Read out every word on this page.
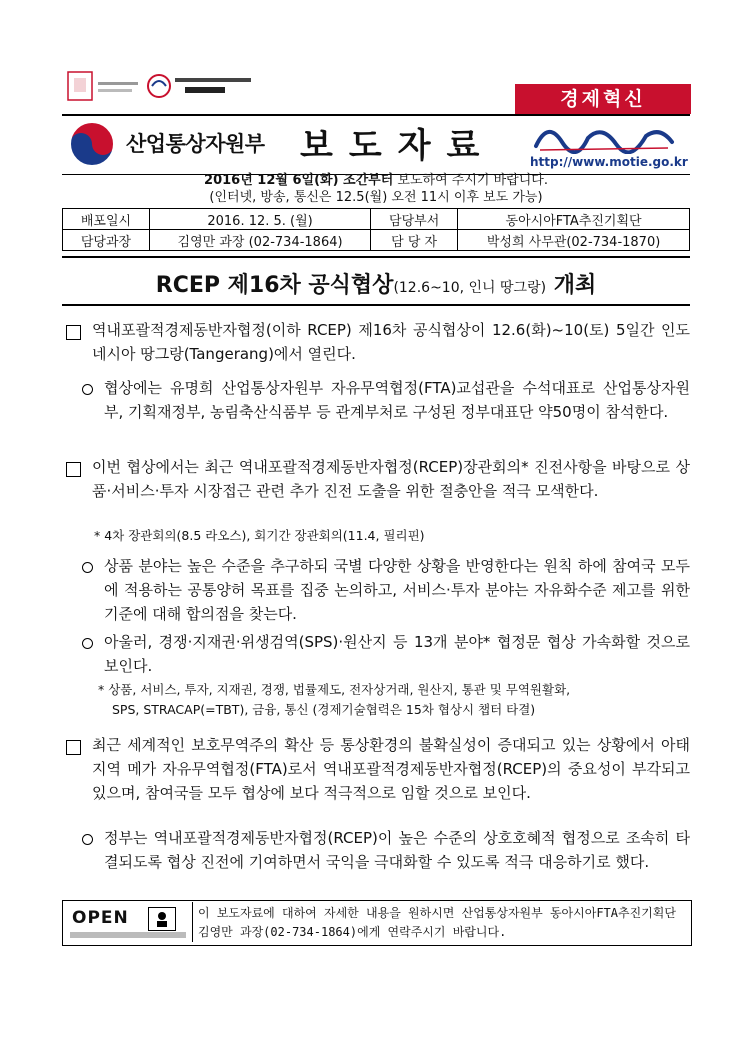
경제혁신
산업통상자원부 보도자료	http://www.motie.go.kr
2016년 12월 6일(화) 조간부터 보도하여 주시기 바랍니다.
(인터넷, 방송, 통신은 12.5(월) 오전 11시 이후 보도 가능)
배포일시	2016. 12. 5. (월)	담당부서	동아시아FTA추진기획단
담당과장	김영만 과장 (02-734-1864)	담 당 자	박성희 사무관(02-734-1870)
RCEP 제16차 공식협상(12.6~10, 인니 땅그랑) 개최
역내포괄적경제동반자협정(이하 RCEP) 제16차 공식협상이 12.6(화)~10(토) 5일간 인도네시아 땅그랑(Tangerang)에서 열린다.
협상에는 유명희 산업통상자원부 자유무역협정(FTA)교섭관을 수석대표로 산업통상자원부, 기획재정부, 농림축산식품부 등 관계부처로 구성된 정부대표단 약50명이 참석한다.
이번 협상에서는 최근 역내포괄적경제동반자협정(RCEP)장관회의* 진전사항을 바탕으로 상품·서비스·투자 시장접근 관련 추가 진전 도출을 위한 절충안을 적극 모색한다.
* 4차 장관회의(8.5 라오스), 회기간 장관회의(11.4, 필리핀)
상품 분야는 높은 수준을 추구하되 국별 다양한 상황을 반영한다는 원칙 하에 참여국 모두에 적용하는 공통양허 목표를 집중 논의하고, 서비스·투자 분야는 자유화수준 제고를 위한 기준에 대해 합의점을 찾는다.
아울러, 경쟁·지재권·위생검역(SPS)·원산지 등 13개 분야* 협정문 협상 가속화할 것으로 보인다.
* 상품, 서비스, 투자, 지재권, 경쟁, 법률제도, 전자상거래, 원산지, 통관 및 무역원활화,
SPS, STRACAP(=TBT), 금융, 통신 (경제기술협력은 15차 협상시 챕터 타결)
최근 세계적인 보호무역주의 확산 등 통상환경의 불확실성이 증대되고 있는 상황에서 아태 지역 메가 자유무역협정(FTA)로서 역내포괄적경제동반자협정(RCEP)의 중요성이 부각되고 있으며, 참여국들 모두 협상에 보다 적극적으로 임할 것으로 보인다.
정부는 역내포괄적경제동반자협정(RCEP)이 높은 수준의 상호호혜적 협정으로 조속히 타결되도록 협상 진전에 기여하면서 국익을 극대화할 수 있도록 적극 대응하기로 했다.
OPEN	이 보도자료에 대하여 자세한 내용을 원하시면 산업통상자원부 동아시아FTA추진기획단 김영만 과장(02-734-1864)에게 연락주시기 바랍니다.
